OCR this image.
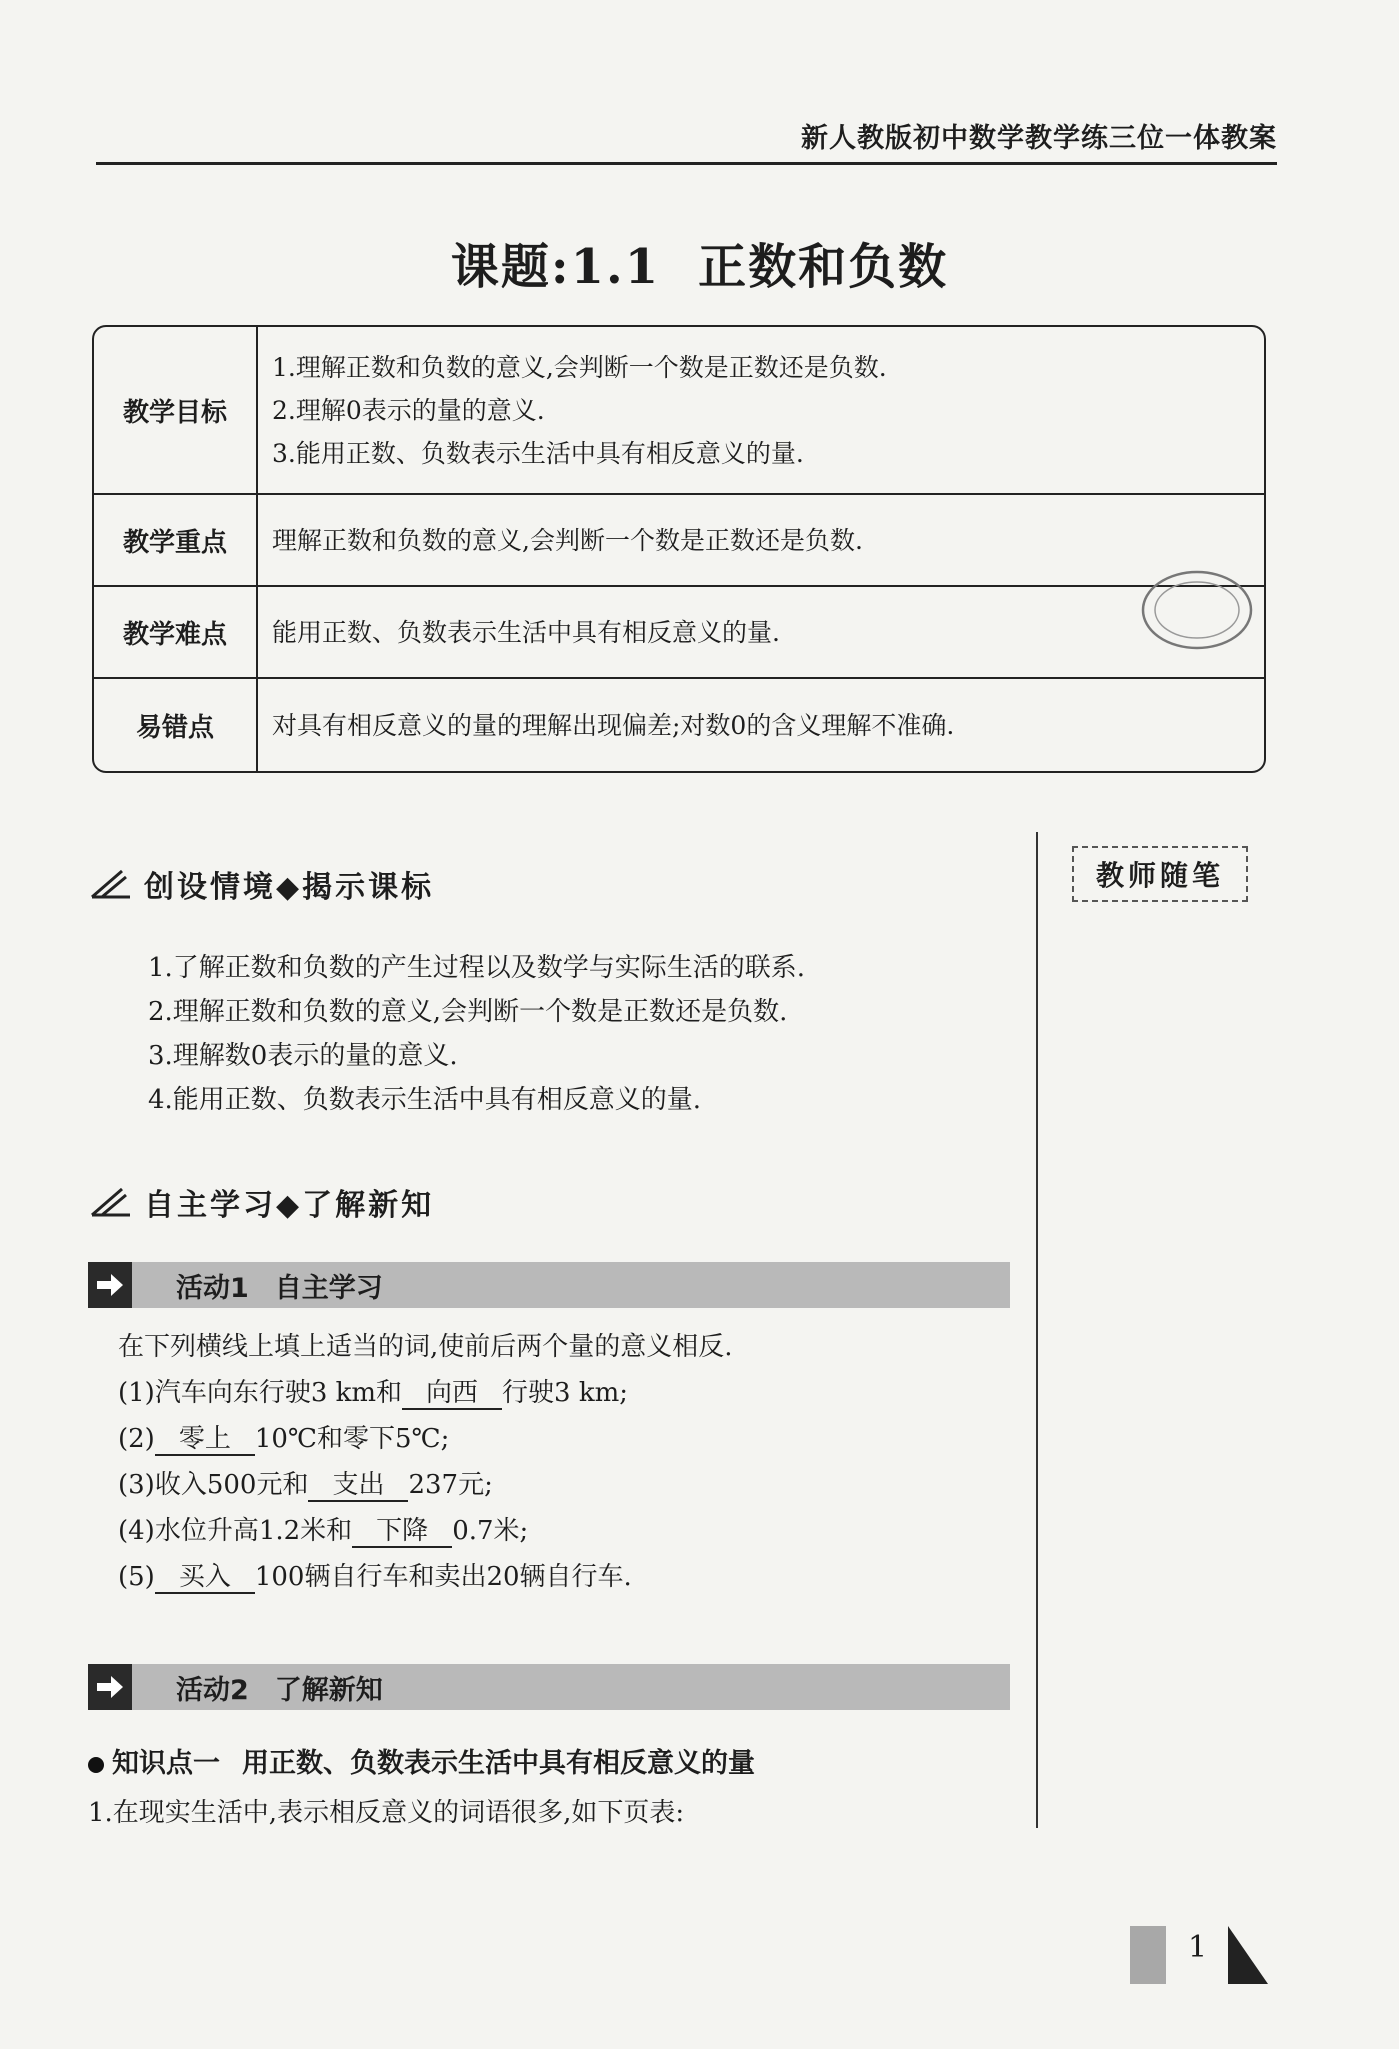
新人教版初中数学教学练三位一体教案
课题:1.1 正数和负数
教学目标	1.理解正数和负数的意义,会判断一个数是正数还是负数.
2.理解0表示的量的意义.
3.能用正数、负数表示生活中具有相反意义的量.

教学重点	理解正数和负数的意义,会判断一个数是正数还是负数.

教学难点	能用正数、负数表示生活中具有相反意义的量.

易错点	对具有相反意义的量的理解出现偏差;对数0的含义理解不准确.
创设情境◆揭示课标	教师随笔
1.了解正数和负数的产生过程以及数学与实际生活的联系.
2.理解正数和负数的意义,会判断一个数是正数还是负数.
3.理解数0表示的量的意义.
4.能用正数、负数表示生活中具有相反意义的量.
自主学习◆了解新知
活动1 自主学习
在下列横线上填上适当的词,使前后两个量的意义相反.
(1)汽车向东行驶3 km和 向西 行驶3 km;
(2) 零上 10℃和零下5℃;
(3)收入500元和 支出 237元;
(4)水位升高1.2米和 下降 0.7米;
(5) 买入 100辆自行车和卖出20辆自行车.
活动2 了解新知
知识点一 用正数、负数表示生活中具有相反意义的量
1.在现实生活中,表示相反意义的词语很多,如下页表:
1
